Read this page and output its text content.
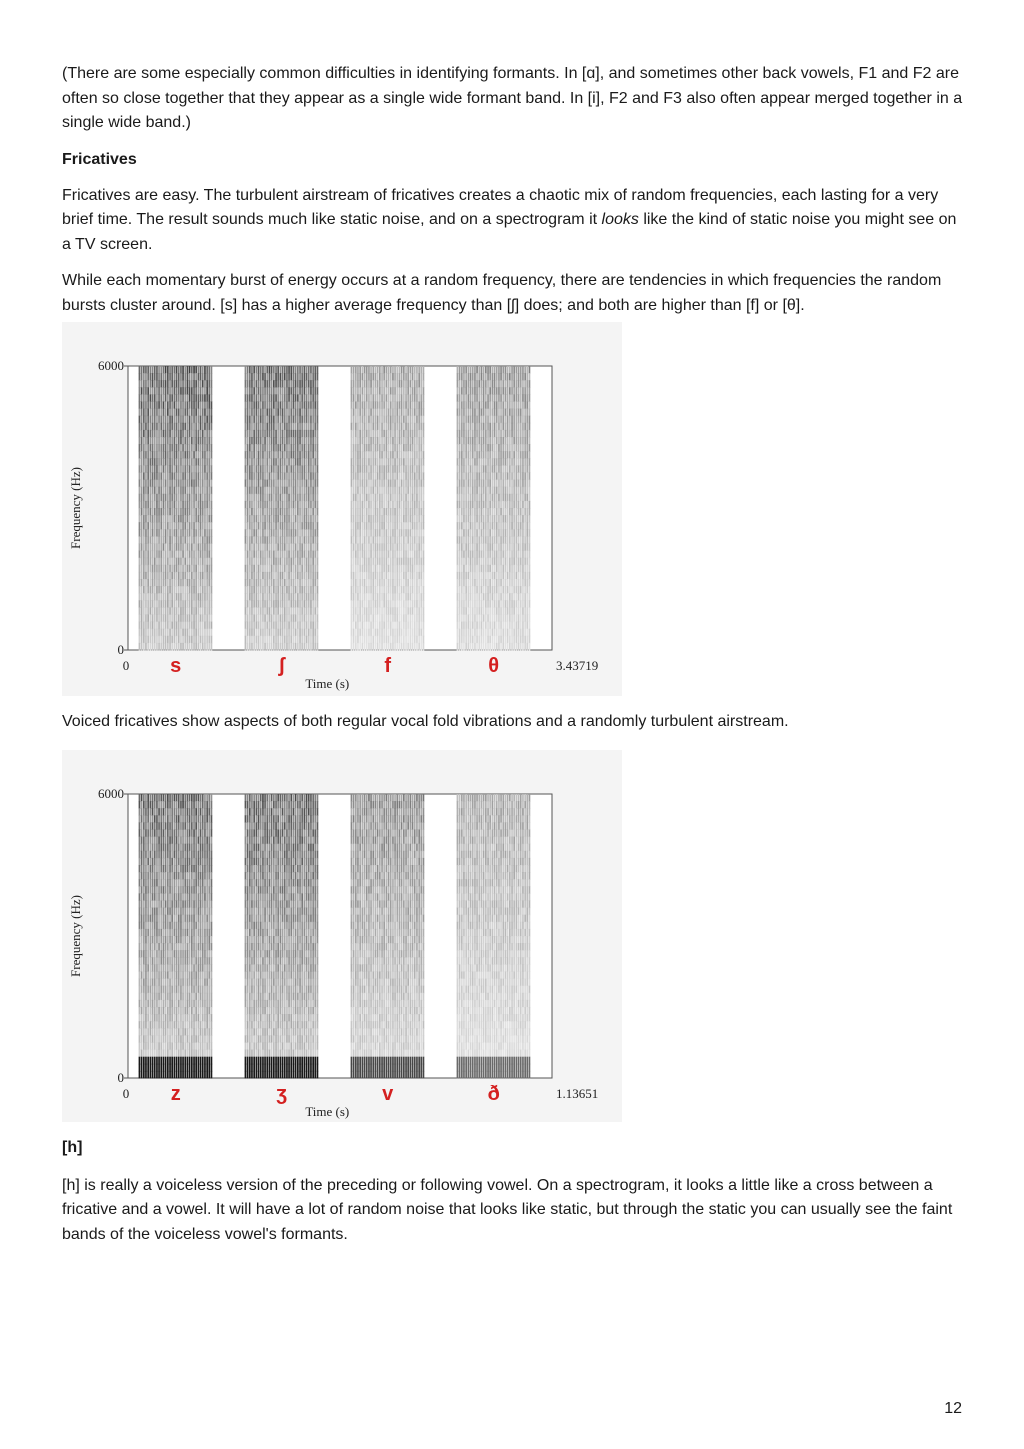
(There are some especially common difficulties in identifying formants. In [ɑ], and sometimes other back vowels, F1 and F2 are often so close together that they appear as a single wide formant band. In [i], F2 and F3 also often appear merged together in a single wide band.)

Fricatives

Fricatives are easy. The turbulent airstream of fricatives creates a chaotic mix of random frequencies, each lasting for a very brief time. The result sounds much like static noise, and on a spectrogram it looks like the kind of static noise you might see on a TV screen.

While each momentary burst of energy occurs at a random frequency, there are tendencies in which frequencies the random bursts cluster around. [s] has a higher average frequency than [ʃ] does; and both are higher than [f] or [θ].

s	ʃ	f	θ
6000
0
0	3.43719
Time (s)
Frequency (Hz)

Voiced fricatives show aspects of both regular vocal fold vibrations and a randomly turbulent airstream.

z	ʒ	v	ð
6000
0
0	1.13651
Time (s)
Frequency (Hz)

[h]

[h] is really a voiceless version of the preceding or following vowel. On a spectrogram, it looks a little like a cross between a fricative and a vowel. It will have a lot of random noise that looks like static, but through the static you can usually see the faint bands of the voiceless vowel's formants.

12
